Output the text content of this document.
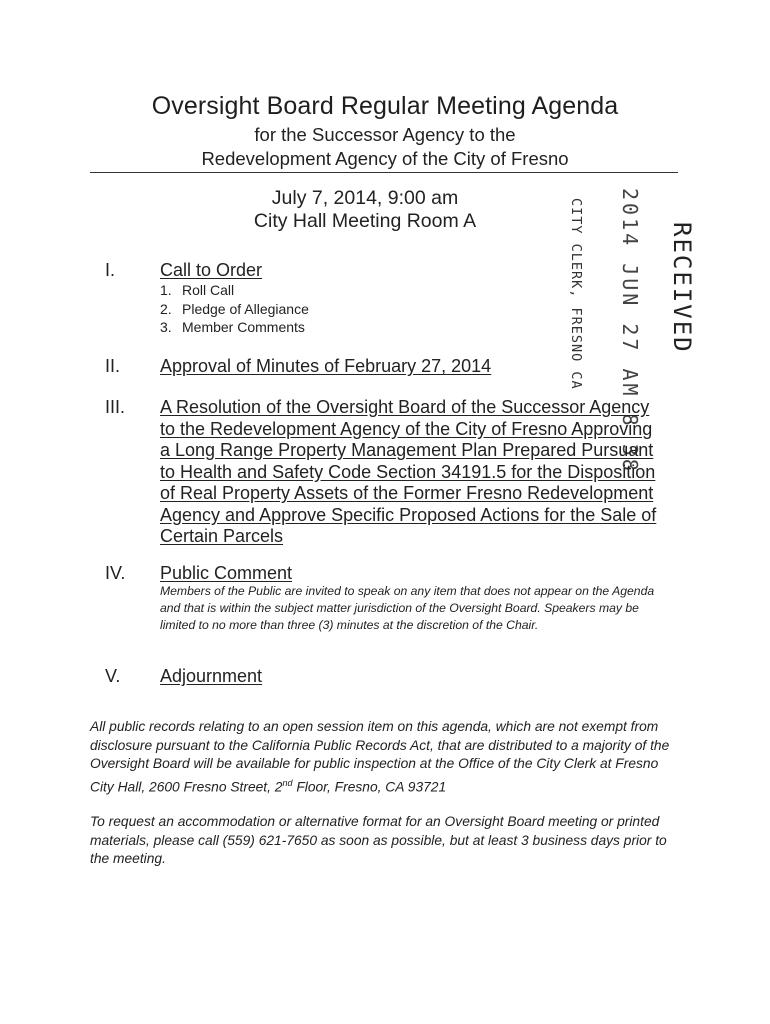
Oversight Board Regular Meeting Agenda
for the Successor Agency to the
Redevelopment Agency of the City of Fresno
July 7, 2014, 9:00 am
City Hall Meeting Room A
RECEIVED
2014 JUN 27 AM 8 38
CITY CLERK, FRESNO CA
I. Call to Order
1. Roll Call
2. Pledge of Allegiance
3. Member Comments
II. Approval of Minutes of February 27, 2014
III. A Resolution of the Oversight Board of the Successor Agency to the Redevelopment Agency of the City of Fresno Approving a Long Range Property Management Plan Prepared Pursuant to Health and Safety Code Section 34191.5 for the Disposition of Real Property Assets of the Former Fresno Redevelopment Agency and Approve Specific Proposed Actions for the Sale of Certain Parcels
IV. Public Comment
Members of the Public are invited to speak on any item that does not appear on the Agenda and that is within the subject matter jurisdiction of the Oversight Board. Speakers may be limited to no more than three (3) minutes at the discretion of the Chair.
V. Adjournment
All public records relating to an open session item on this agenda, which are not exempt from disclosure pursuant to the California Public Records Act, that are distributed to a majority of the Oversight Board will be available for public inspection at the Office of the City Clerk at Fresno City Hall, 2600 Fresno Street, 2nd Floor, Fresno, CA 93721
To request an accommodation or alternative format for an Oversight Board meeting or printed materials, please call (559) 621-7650 as soon as possible, but at least 3 business days prior to the meeting.
